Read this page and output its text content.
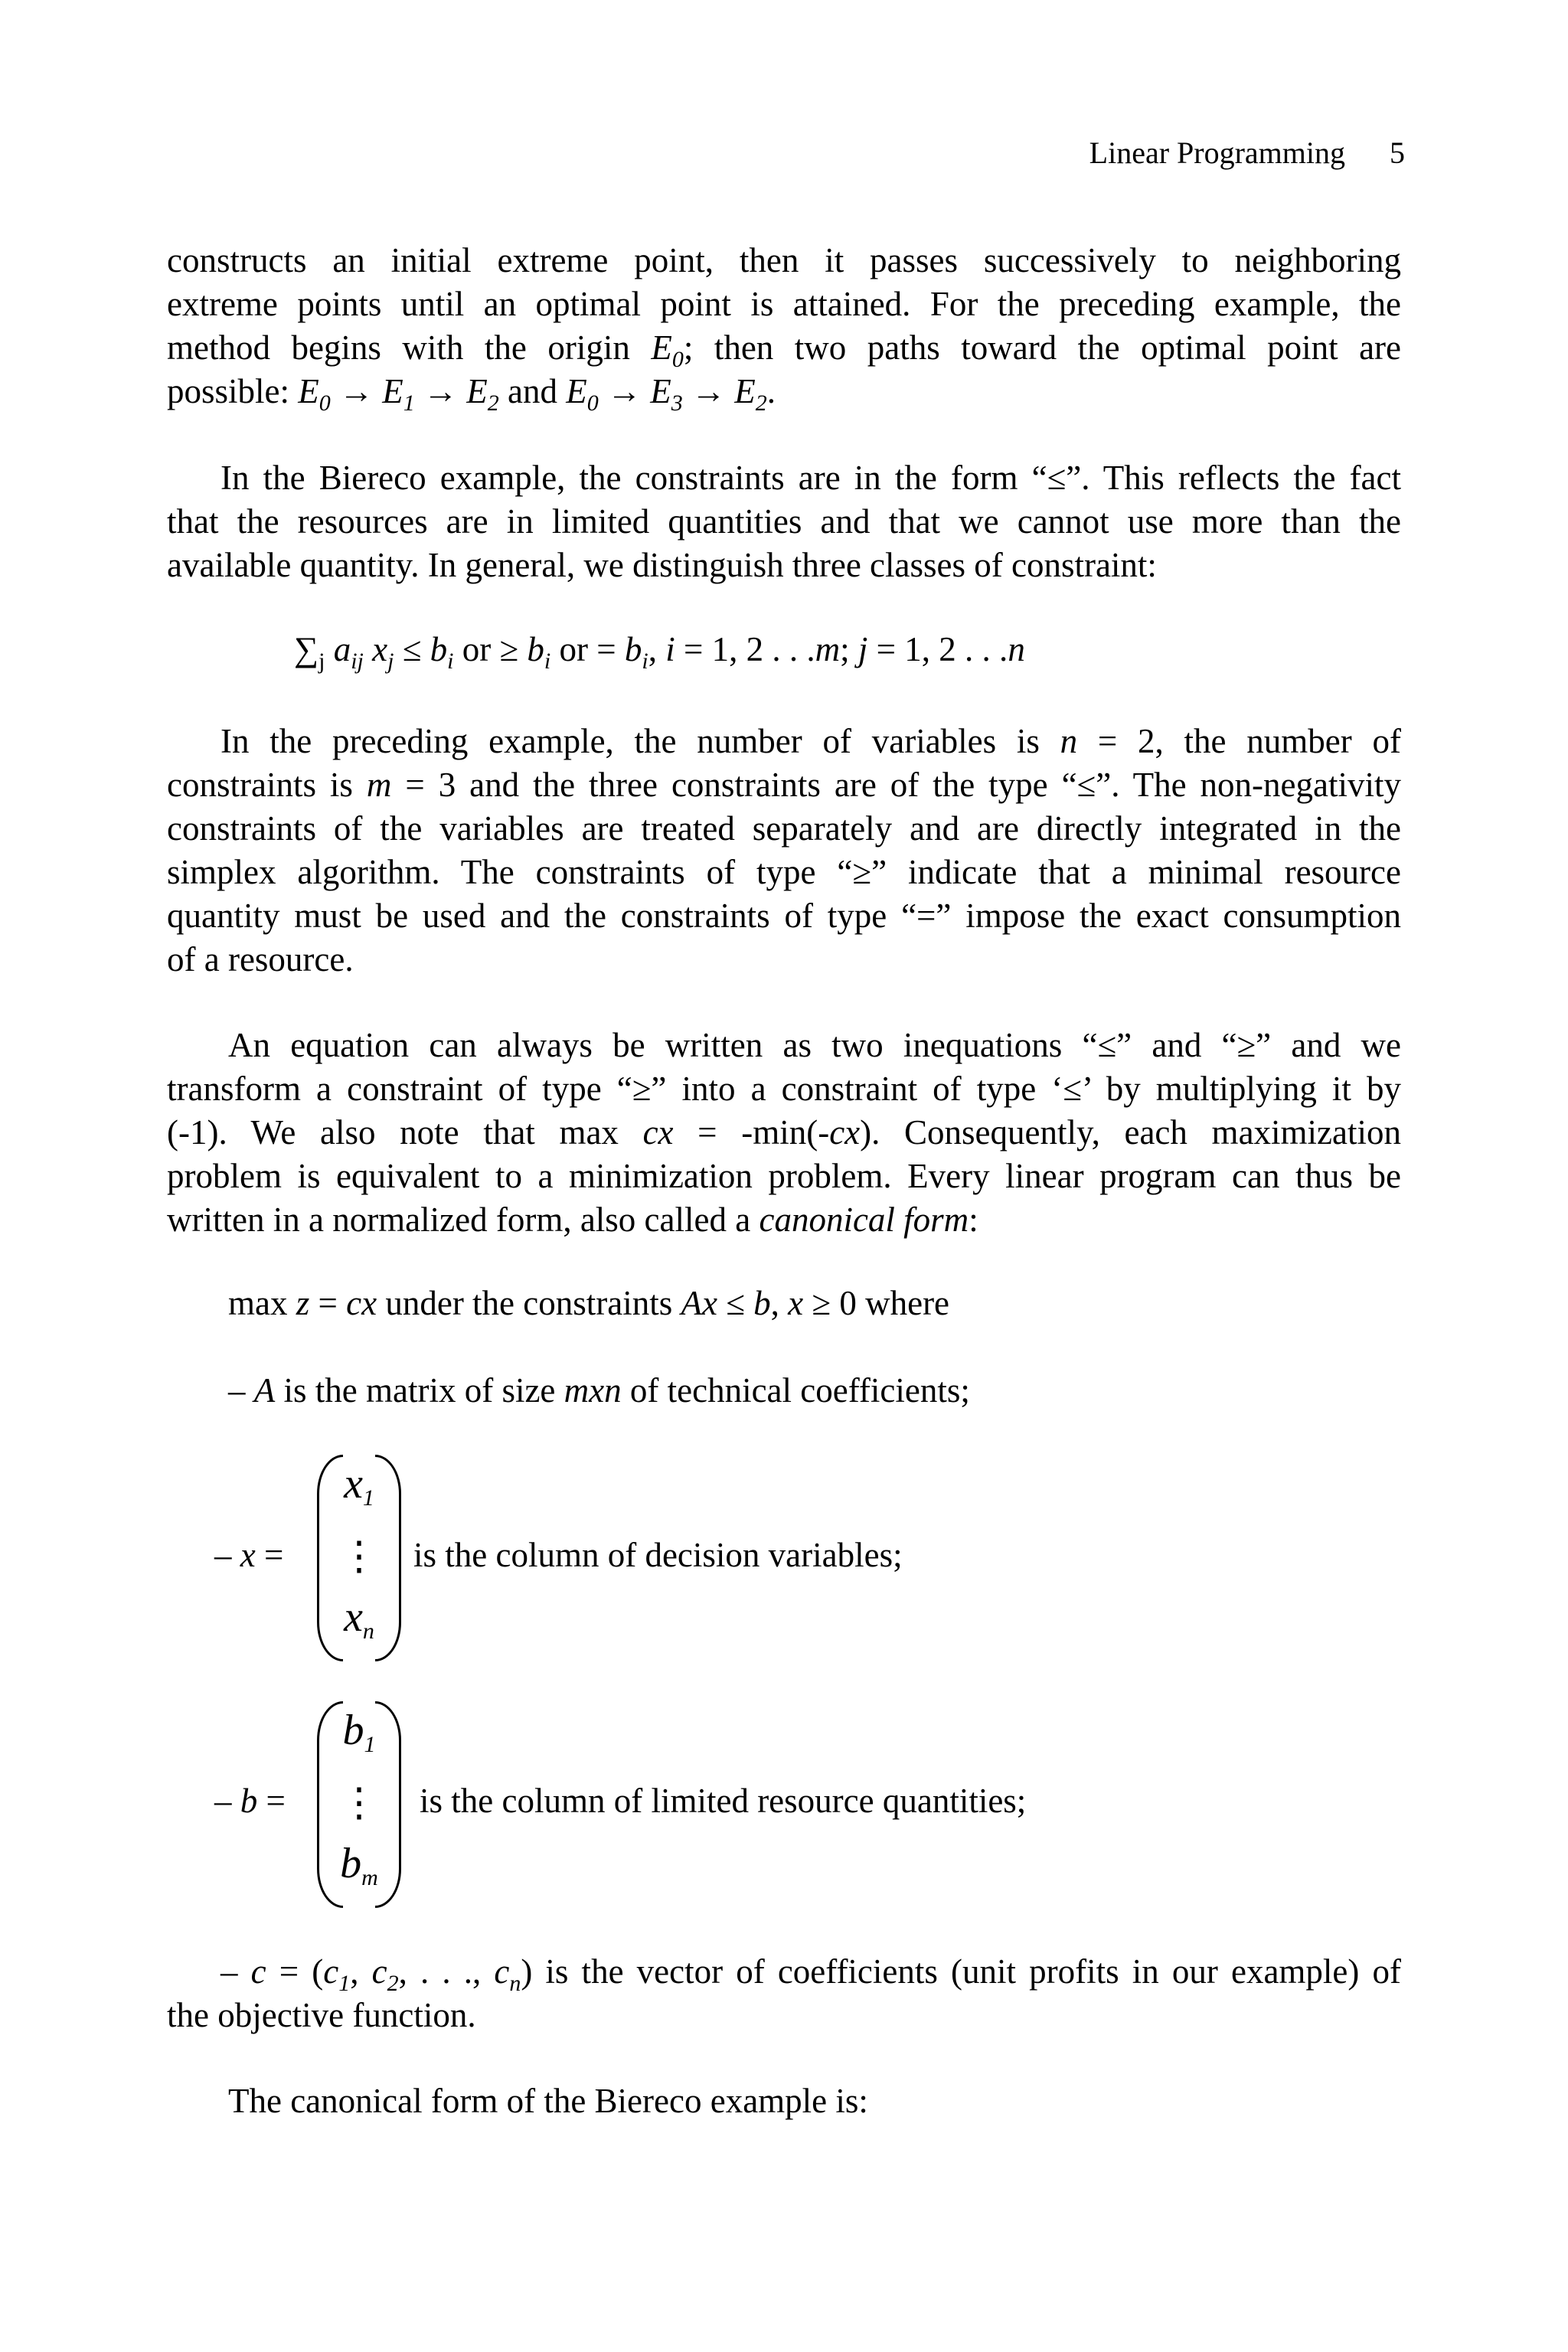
Linear Programming 5
constructs an initial extreme point, then it passes successively to neighboring
extreme points until an optimal point is attained. For the preceding example, the
method begins with the origin $E_0$; then two paths toward the optimal point are
possible: $E_0 \to E_1 \to E_2$ and $E_0 \to E_3 \to E_2$.
In the Biereco example, the constraints are in the form “≤”. This reflects the fact
that the resources are in limited quantities and that we cannot use more than the
available quantity. In general, we distinguish three classes of constraint:
$\sum_j$ $a_{ij}$ $x_j \le b_i$ or ≥ $b_i$ or = $b_i$, i = 1, 2 . . .m; j = 1, 2 . . .n
In the preceding example, the number of variables is n = 2, the number of
constraints is m = 3 and the three constraints are of the type “≤”. The non-negativity
constraints of the variables are treated separately and are directly integrated in the
simplex algorithm. The constraints of type “≥” indicate that a minimal resource
quantity must be used and the constraints of type “=” impose the exact consumption
of a resource.
An equation can always be written as two inequations “≤” and “≥” and we
transform a constraint of type “≥” into a constraint of type ‘≤’ by multiplying it by
(-1). We also note that max cx = -min(-cx). Consequently, each maximization
problem is equivalent to a minimization problem. Every linear program can thus be
written in a normalized form, also called a canonical form:
max z = cx under the constraints Ax ≤ b, x ≥ 0 where
– A is the matrix of size mxn of technical coefficients;
– x =
$x_1$
⋮
$x_n$
is the column of decision variables;
– b =
$b_1$
⋮
$b_m$
is the column of limited resource quantities;
– $c = (c_1$, $c_2$, . . ., $c_n$) is the vector of coefficients (unit profits in our example) of
the objective function.
The canonical form of the Biereco example is:
